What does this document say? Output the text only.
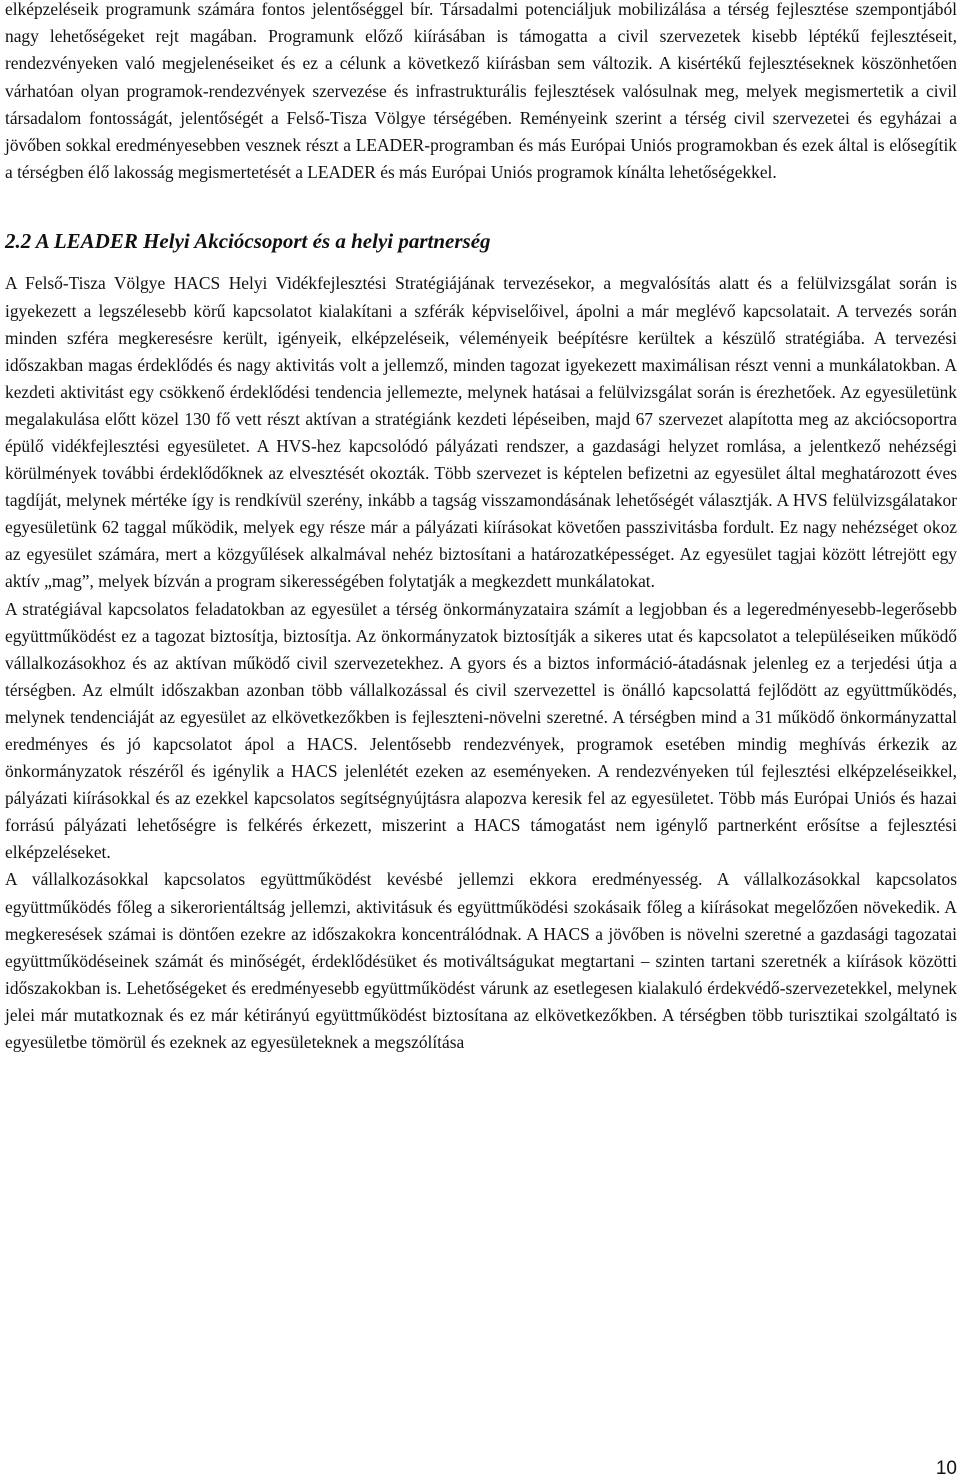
elképzeléseik programunk számára fontos jelentőséggel bír. Társadalmi potenciáljuk mobilizálása a térség fejlesztése szempontjából nagy lehetőségeket rejt magában. Programunk előző kiírásában is támogatta a civil szervezetek kisebb léptékű fejlesztéseit, rendezvényeken való megjelenéseiket és ez a célunk a következő kiírásban sem változik. A kisértékű fejlesztéseknek köszönhetően várhatóan olyan programok-rendezvények szervezése és infrastrukturális fejlesztések valósulnak meg, melyek megismertetik a civil társadalom fontosságát, jelentőségét a Felső-Tisza Völgye térségében. Reményeink szerint a térség civil szervezetei és egyházai a jövőben sokkal eredményesebben vesznek részt a LEADER-programban és más Európai Uniós programokban és ezek által is elősegítik a térségben élő lakosság megismertetését a LEADER és más Európai Uniós programok kínálta lehetőségekkel.
2.2 A LEADER Helyi Akciócsoport és a helyi partnerség

A Felső-Tisza Völgye HACS Helyi Vidékfejlesztési Stratégiájának tervezésekor, a megvalósítás alatt és a felülvizsgálat során is igyekezett a legszélesebb körű kapcsolatot kialakítani a szférák képviselőivel, ápolni a már meglévő kapcsolatait. A tervezés során minden szféra megkeresésre került, igényeik, elképzeléseik, véleményeik beépítésre kerültek a készülő stratégiába. A tervezési időszakban magas érdeklődés és nagy aktivitás volt a jellemző, minden tagozat igyekezett maximálisan részt venni a munkálatokban. A kezdeti aktivitást egy csökkenő érdeklődési tendencia jellemezte, melynek hatásai a felülvizsgálat során is érezhetőek. Az egyesületünk megalakulása előtt közel 130 fő vett részt aktívan a stratégiánk kezdeti lépéseiben, majd 67 szervezet alapította meg az akciócsoportra épülő vidékfejlesztési egyesületet. A HVS-hez kapcsolódó pályázati rendszer, a gazdasági helyzet romlása, a jelentkező nehézségi körülmények további érdeklődőknek az elvesztését okozták. Több szervezet is képtelen befizetni az egyesület által meghatározott éves tagdíját, melynek mértéke így is rendkívül szerény, inkább a tagság visszamondásának lehetőségét választják. A HVS felülvizsgálatakor egyesületünk 62 taggal működik, melyek egy része már a pályázati kiírásokat követően passzivitásba fordult. Ez nagy nehézséget okoz az egyesület számára, mert a közgyűlések alkalmával nehéz biztosítani a határozatképességet. Az egyesület tagjai között létrejött egy aktív „mag”, melyek bízván a program sikerességében folytatják a megkezdett munkálatokat.

A stratégiával kapcsolatos feladatokban az egyesület a térség önkormányzataira számít a legjobban és a legeredményesebb-legerősebb együttműködést ez a tagozat biztosítja, biztosítja. Az önkormányzatok biztosítják a sikeres utat és kapcsolatot a településeiken működő vállalkozásokhoz és az aktívan működő civil szervezetekhez. A gyors és a biztos információ-átadásnak jelenleg ez a terjedési útja a térségben. Az elmúlt időszakban azonban több vállalkozással és civil szervezettel is önálló kapcsolattá fejlődött az együttműködés, melynek tendenciáját az egyesület az elkövetkezőkben is fejleszteni-növelni szeretné. A térségben mind a 31 működő önkormányzattal eredményes és jó kapcsolatot ápol a HACS. Jelentősebb rendezvények, programok esetében mindig meghívás érkezik az önkormányzatok részéről és igénylik a HACS jelenlétét ezeken az eseményeken. A rendezvényeken túl fejlesztési elképzeléseikkel, pályázati kiírásokkal és az ezekkel kapcsolatos segítségnyújtásra alapozva keresik fel az egyesületet. Több más Európai Uniós és hazai forrású pályázati lehetőségre is felkérés érkezett, miszerint a HACS támogatást nem igénylő partnerként erősítse a fejlesztési elképzeléseket.

A vállalkozásokkal kapcsolatos együttműködést kevésbé jellemzi ekkora eredményesség. A vállalkozásokkal kapcsolatos együttműködés főleg a sikerorientáltság jellemzi, aktivitásuk és együttműködési szokásaik főleg a kiírásokat megelőzően növekedik. A megkeresések számai is döntően ezekre az időszakokra koncentrálódnak. A HACS a jövőben is növelni szeretné a gazdasági tagozatai együttműködéseinek számát és minőségét, érdeklődésüket és motiváltságukat megtartani – szinten tartani szeretnék a kiírások közötti időszakokban is. Lehetőségeket és eredményesebb együttműködést várunk az esetlegesen kialakuló érdekvédő-szervezetekkel, melynek jelei már mutatkoznak és ez már kétirányú együttműködést biztosítana az elkövetkezőkben. A térségben több turisztikai szolgáltató is egyesületbe tömörül és ezeknek az egyesületeknek a megszólítása

10
